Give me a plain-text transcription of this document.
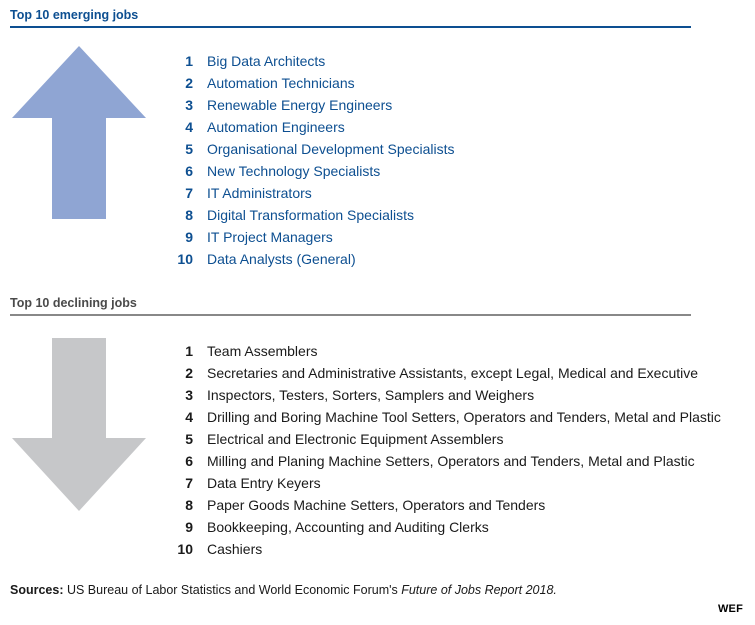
Top 10 emerging jobs
1 Big Data Architects
2 Automation Technicians
3 Renewable Energy Engineers
4 Automation Engineers
5 Organisational Development Specialists
6 New Technology Specialists
7 IT Administrators
8 Digital Transformation Specialists
9 IT Project Managers
10 Data Analysts (General)
Top 10 declining jobs
1 Team Assemblers
2 Secretaries and Administrative Assistants, except Legal, Medical and Executive
3 Inspectors, Testers, Sorters, Samplers and Weighers
4 Drilling and Boring Machine Tool Setters, Operators and Tenders, Metal and Plastic
5 Electrical and Electronic Equipment Assemblers
6 Milling and Planing Machine Setters, Operators and Tenders, Metal and Plastic
7 Data Entry Keyers
8 Paper Goods Machine Setters, Operators and Tenders
9 Bookkeeping, Accounting and Auditing Clerks
10 Cashiers

Sources: US Bureau of Labor Statistics and World Economic Forum's Future of Jobs Report 2018.

WEF
